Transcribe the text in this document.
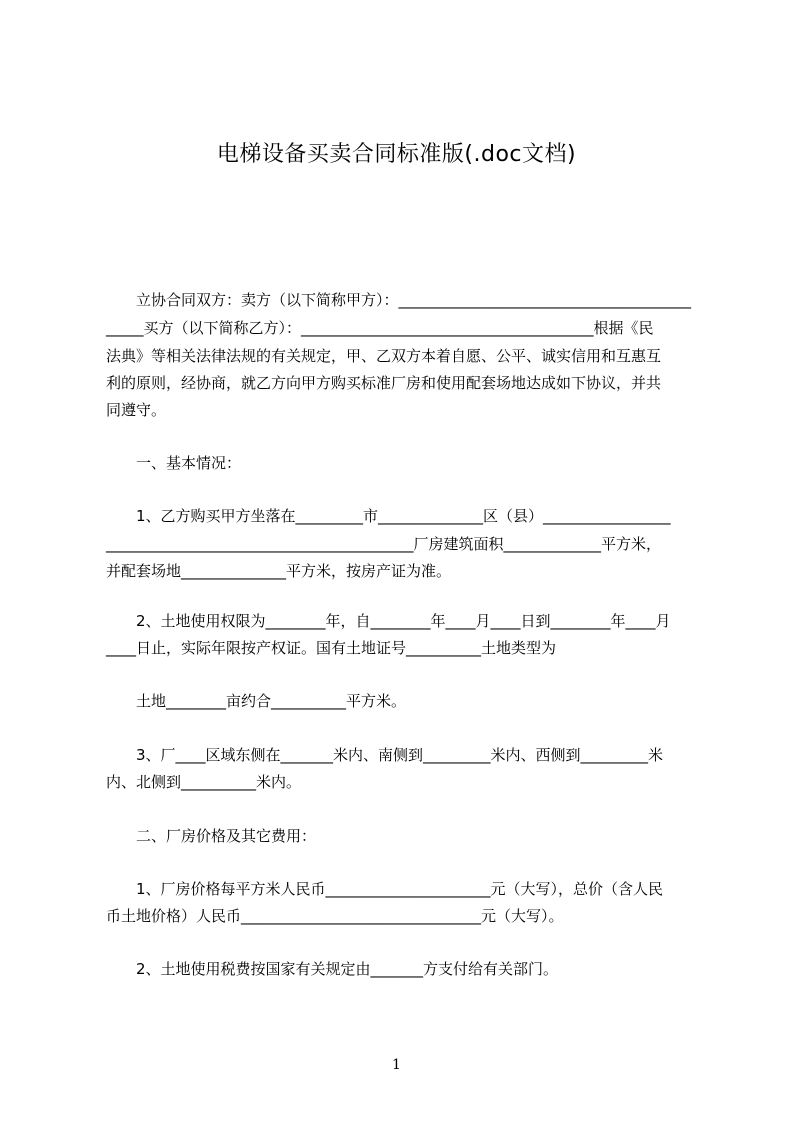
电梯设备买卖合同标准版(.doc文档)
　　立协合同双方：卖方（以下简称甲方）：_______________________________________
_____买方（以下简称乙方）：_______________________________________根据《民
法典》等相关法律法规的有关规定，甲、乙双方本着自愿、公平、诚实信用和互惠互
利的原则，经协商，就乙方向甲方购买标准厂房和使用配套场地达成如下协议，并共
同遵守。
　　一、基本情况：
　　1、乙方购买甲方坐落在_________市______________区（县）_________________
_________________________________________厂房建筑面积_____________平方米，
并配套场地______________平方米，按房产证为准。
　　2、土地使用权限为________年，自________年____月____日到________年____月
____日止，实际年限按产权证。国有土地证号__________土地类型为
　　土地________亩约合__________平方米。
　　3、厂____区域东侧在_______米内、南侧到_________米内、西侧到_________米
内、北侧到__________米内。
　　二、厂房价格及其它费用：
　　1、厂房价格每平方米人民币______________________元（大写），总价（含人民
币土地价格）人民币________________________________元（大写）。
　　2、土地使用税费按国家有关规定由_______方支付给有关部门。
1
